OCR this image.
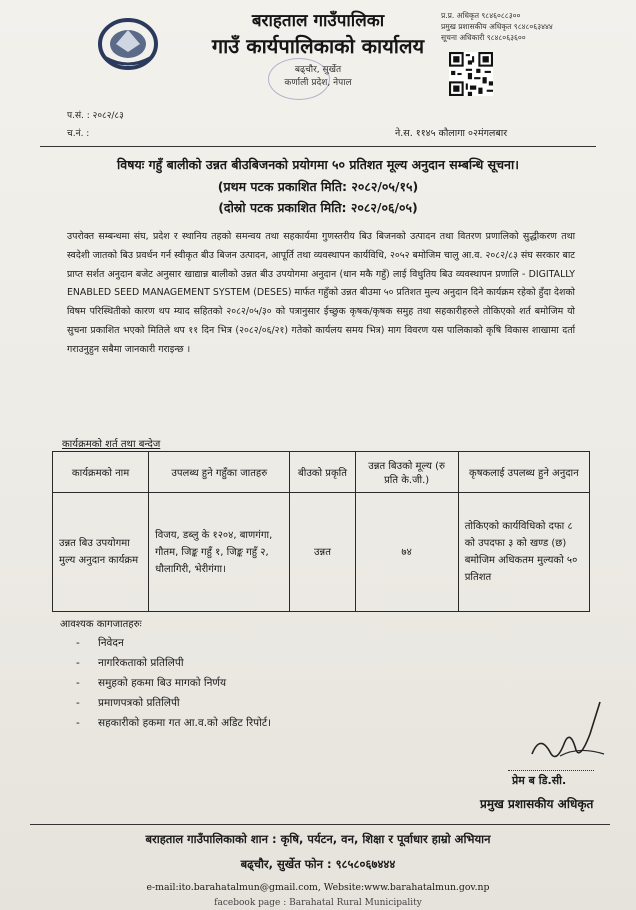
बराहताल गाउँपालिका
गाउँ कार्यपालिकाको कार्यालय
बढ्चौर, सुर्खेत
कर्णाली प्रदेश, नेपाल
प्र.प्र. अधिकृत ९८४६०८८३००
प्रमुख प्रशासकीय अधिकृत ९८४८०६३४४४
सूचना अधिकारी ९८४८०६३६००
प.सं. : २०८२/८३
च.नं. :	ने.स. ११४५ कौलागा ०२मंगलबार
विषयः गहुँ बालीको उन्नत बीउबिजनको प्रयोगमा ५० प्रतिशत मूल्य अनुदान सम्बन्धि सूचना।
(प्रथम पटक प्रकाशित मिति: २०८२/०५/१५)
(दोस्रो पटक प्रकाशित मिति: २०८२/०६/०५)
उपरोक्त सम्बन्धमा संघ, प्रदेश र स्थानिय तहको समन्वय तथा सहकार्यमा गुणस्तरीय बिउ बिजनको उत्पादन तथा वितरण प्रणालिको सुद्धीकरण तथा स्वदेशी जातको बिउ प्रवर्धन गर्न स्वीकृत बीउ बिजन उत्पादन, आपूर्ति तथा व्यवस्थापन कार्यविधि, २०५२ बमोजिम चालु आ.व. २०८२/८३ संघ सरकार बाट प्राप्त सर्शत अनुदान बजेट अनुसार खाद्यान्न बालीको उन्नत बीउ उपयोगमा अनुदान (धान मकै गहुँ) लाई विधुतिय बिउ व्यवस्थापन प्रणालि - DIGITALLY ENABLED SEED MANAGEMENT SYSTEM (DESES) मार्फत गहुँको उन्नत बीउमा ५० प्रतिशत मुल्य अनुदान दिने कार्यक्रम रहेको हुँदा देशको विषम परिस्थितीको कारण थप म्याद सहितको २०८२/०५/३० को पत्रानुसार ईच्छुक कृषक/कृषक समुह तथा सहकारीहरुले तोकिएको शर्त बमोजिम यो सुचना प्रकाशित भएको मितिले थप ११ दिन भित्र (२०८२/०६/२१) गतेको कार्यलय समय भित्र) माग विवरण यस पालिकाको कृषि विकास शाखामा दर्ता गराउनुहुन सबैमा जानकारी गराइन्छ ।
कार्यक्रमको शर्त तथा बन्देज
कार्यक्रमको नाम	उपलब्ध हुने गहुँका जातहरु	बीउको प्रकृति	उन्नत बिउको मूल्य (रु प्रति के.जी.)	कृषकलाई उपलब्ध हुने अनुदान
उन्नत बिउ उपयोगमा मुल्य अनुदान कार्यक्रम	विजय, डब्लु के १२०४, बाणगंगा, गौतम, जिङ्क गहुँ १, जिङ्क गहुँ २, धौलागिरी, भेरीगंगा।	उन्नत	७४	तोकिएको कार्यविधिको दफा ८ को उपदफा ३ को खण्ड (छ) बमोजिम अधिकतम मुल्यको ५० प्रतिशत
आवश्यक कागजातहरुः
- निवेदन
- नागरिकताको प्रतिलिपी
- समुहको हकमा बिउ मागको निर्णय
- प्रमाणपत्रको प्रतिलिपी
- सहकारीको हकमा गत आ.व.को अडिट रिपोर्ट।
प्रेम ब डि.सी.
प्रमुख प्रशासकीय अधिकृत
बराहताल गाउँपालिकाको शान : कृषि, पर्यटन, वन, शिक्षा र पूर्वाधार हाम्रो अभियान
बढ्चौर, सुर्खेत फोन : ९८५८०६७४४४
e-mail:ito.barahatalmun@gmail.com, Website:www.barahatalmun.gov.np
facebook page : Barahatal Rural Municipality
